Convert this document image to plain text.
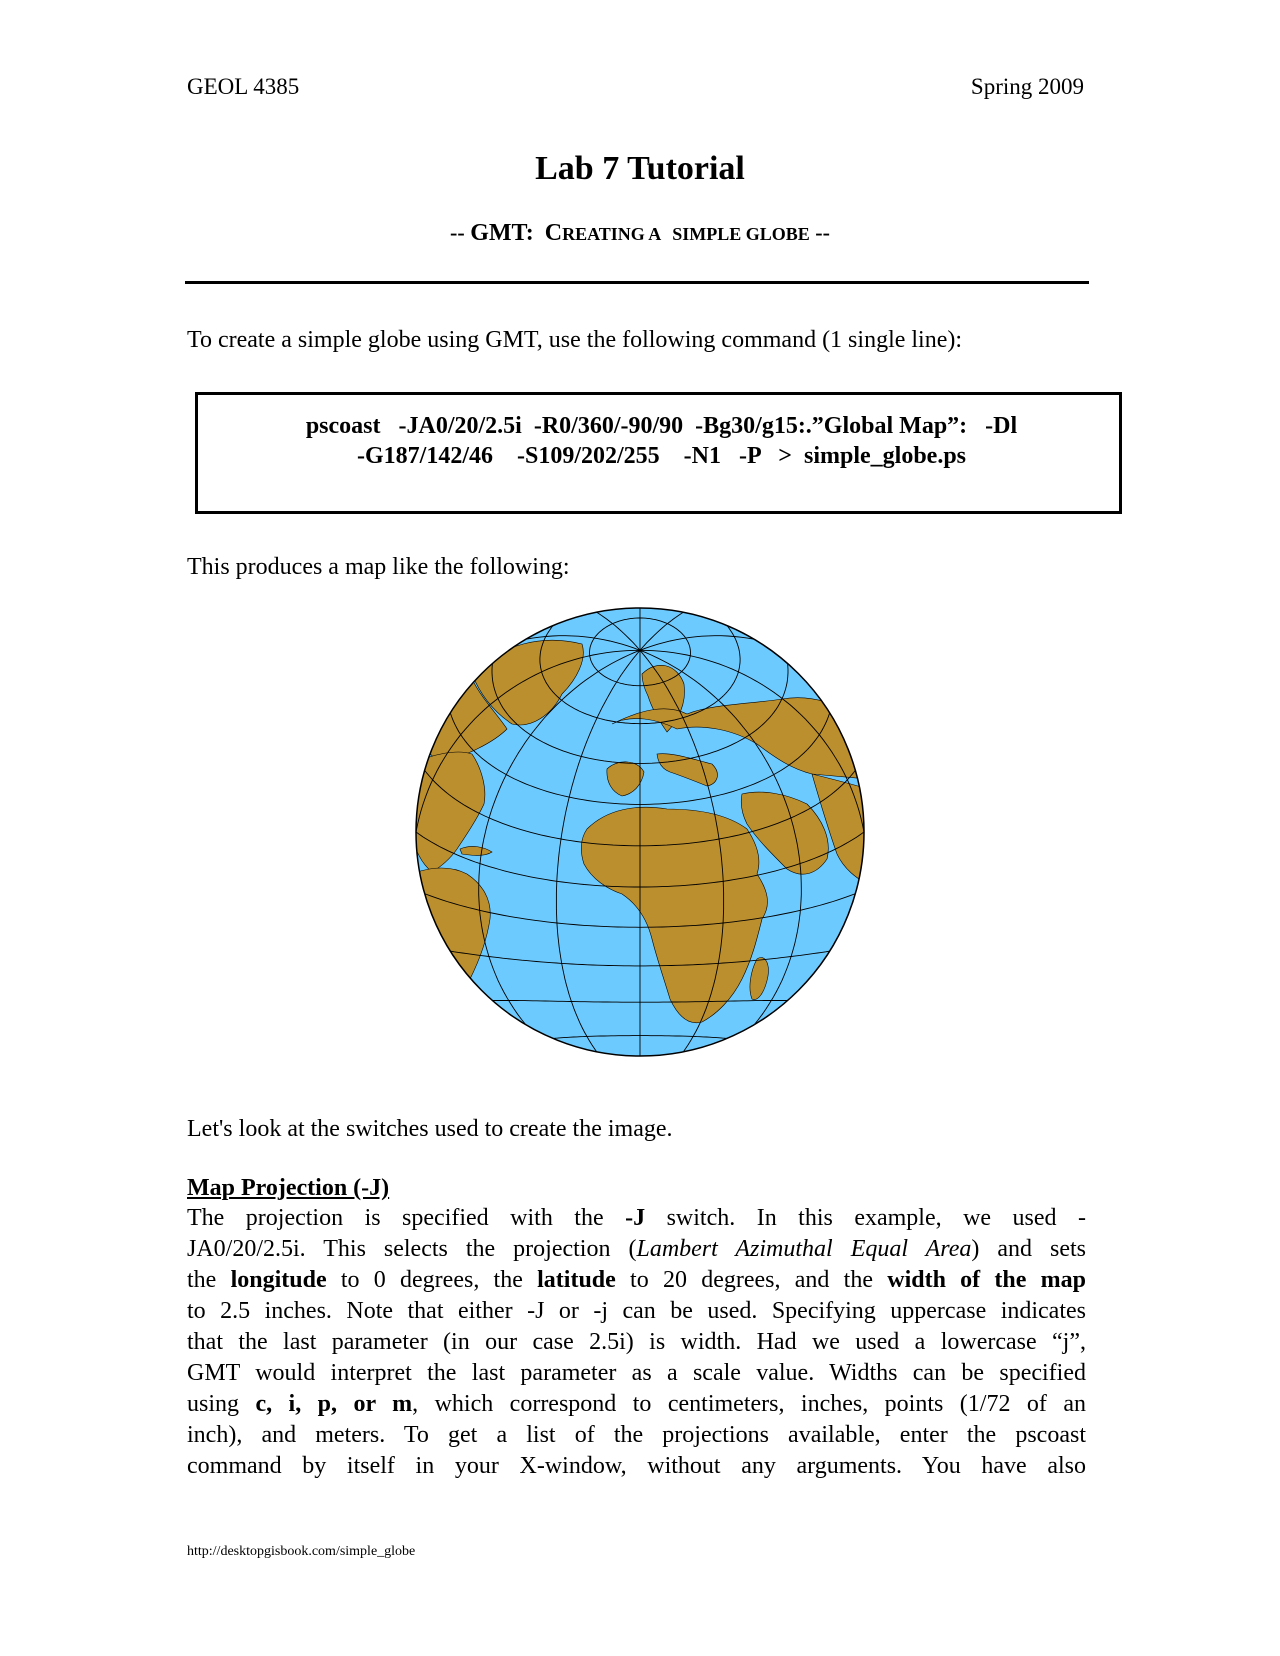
GEOL 4385	Spring 2009
Lab 7 Tutorial
-- GMT: CREATING A SIMPLE GLOBE --
To create a simple globe using GMT, use the following command (1 single line):
pscoast   -JA0/20/2.5i  -R0/360/-90/90  -Bg30/g15:.”Global Map”:   -Dl
-G187/142/46    -S109/202/255    -N1   -P   >  simple_globe.ps
This produces a map like the following:
Let's look at the switches used to create the image.
Map Projection (-J)
The projection is specified with the -J switch. In this example, we used -
JA0/20/2.5i. This selects the projection (Lambert Azimuthal Equal Area) and sets
the longitude to 0 degrees, the latitude to 20 degrees, and the width of the map
to 2.5 inches. Note that either -J or -j can be used. Specifying uppercase indicates
that the last parameter (in our case 2.5i) is width. Had we used a lowercase “j”,
GMT would interpret the last parameter as a scale value. Widths can be specified
using c, i, p, or m, which correspond to centimeters, inches, points (1/72 of an
inch), and meters. To get a list of the projections available, enter the pscoast
command by itself in your X-window, without any arguments. You have also
http://desktopgisbook.com/simple_globe
